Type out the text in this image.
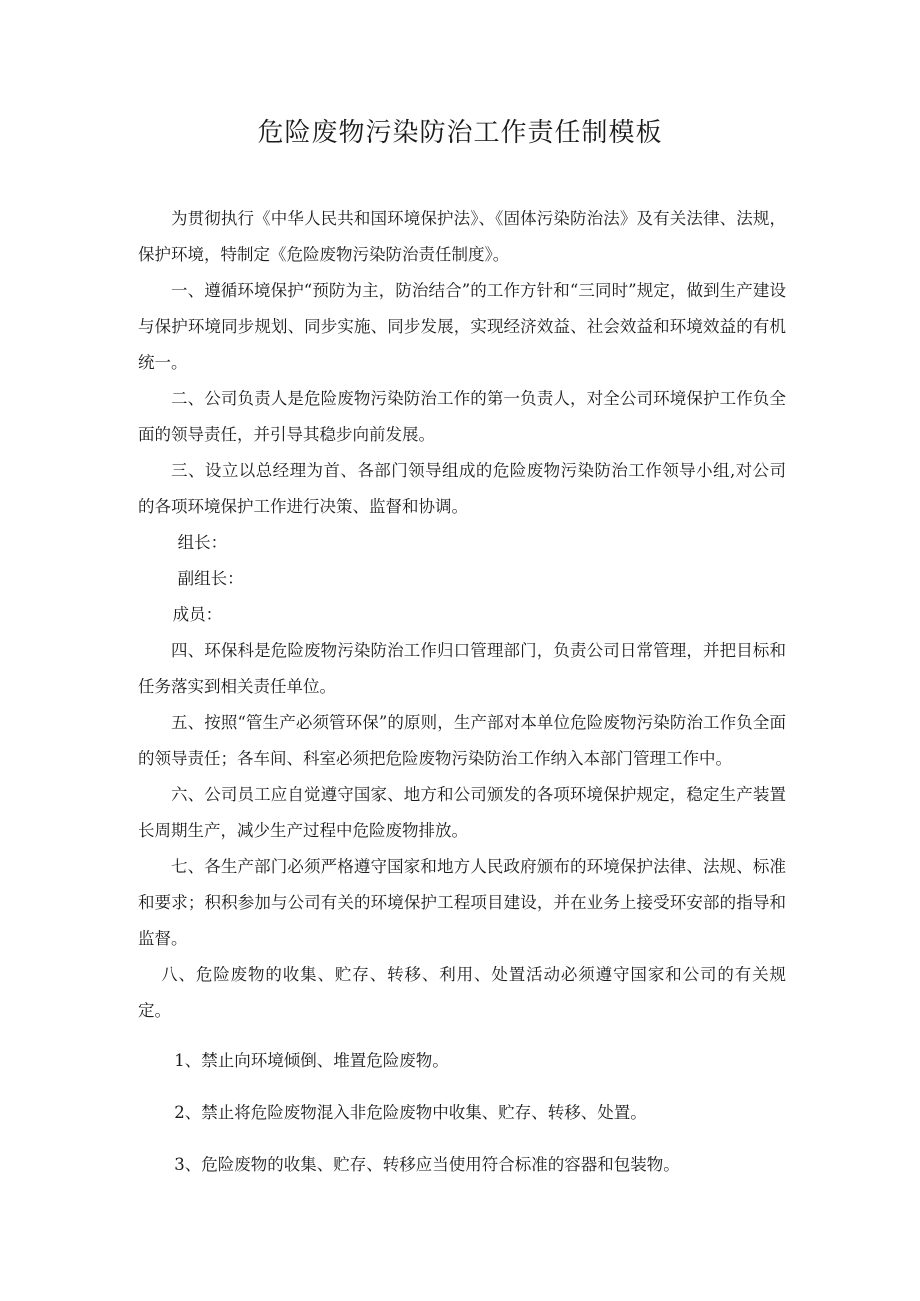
危险废物污染防治工作责任制模板

为贯彻执行《中华人民共和国环境保护法》、《固体污染防治法》及有关法律、法规，保护环境，特制定《危险废物污染防治责任制度》。

一、遵循环境保护“预防为主，防治结合”的工作方针和“三同时”规定，做到生产建设与保护环境同步规划、同步实施、同步发展，实现经济效益、社会效益和环境效益的有机统一。

二、公司负责人是危险废物污染防治工作的第一负责人，对全公司环境保护工作负全面的领导责任，并引导其稳步向前发展。

三、设立以总经理为首、各部门领导组成的危险废物污染防治工作领导小组,对公司的各项环境保护工作进行决策、监督和协调。

组长：

副组长：

成员：

四、环保科是危险废物污染防治工作归口管理部门，负责公司日常管理，并把目标和任务落实到相关责任单位。

五、按照“管生产必须管环保”的原则，生产部对本单位危险废物污染防治工作负全面的领导责任；各车间、科室必须把危险废物污染防治工作纳入本部门管理工作中。

六、公司员工应自觉遵守国家、地方和公司颁发的各项环境保护规定，稳定生产装置长周期生产，减少生产过程中危险废物排放。

七、各生产部门必须严格遵守国家和地方人民政府颁布的环境保护法律、法规、标准和要求；积积参加与公司有关的环境保护工程项目建设，并在业务上接受环安部的指导和监督。

八、危险废物的收集、贮存、转移、利用、处置活动必须遵守国家和公司的有关规定。

1、禁止向环境倾倒、堆置危险废物。

2、禁止将危险废物混入非危险废物中收集、贮存、转移、处置。

3、危险废物的收集、贮存、转移应当使用符合标准的容器和包装物。
